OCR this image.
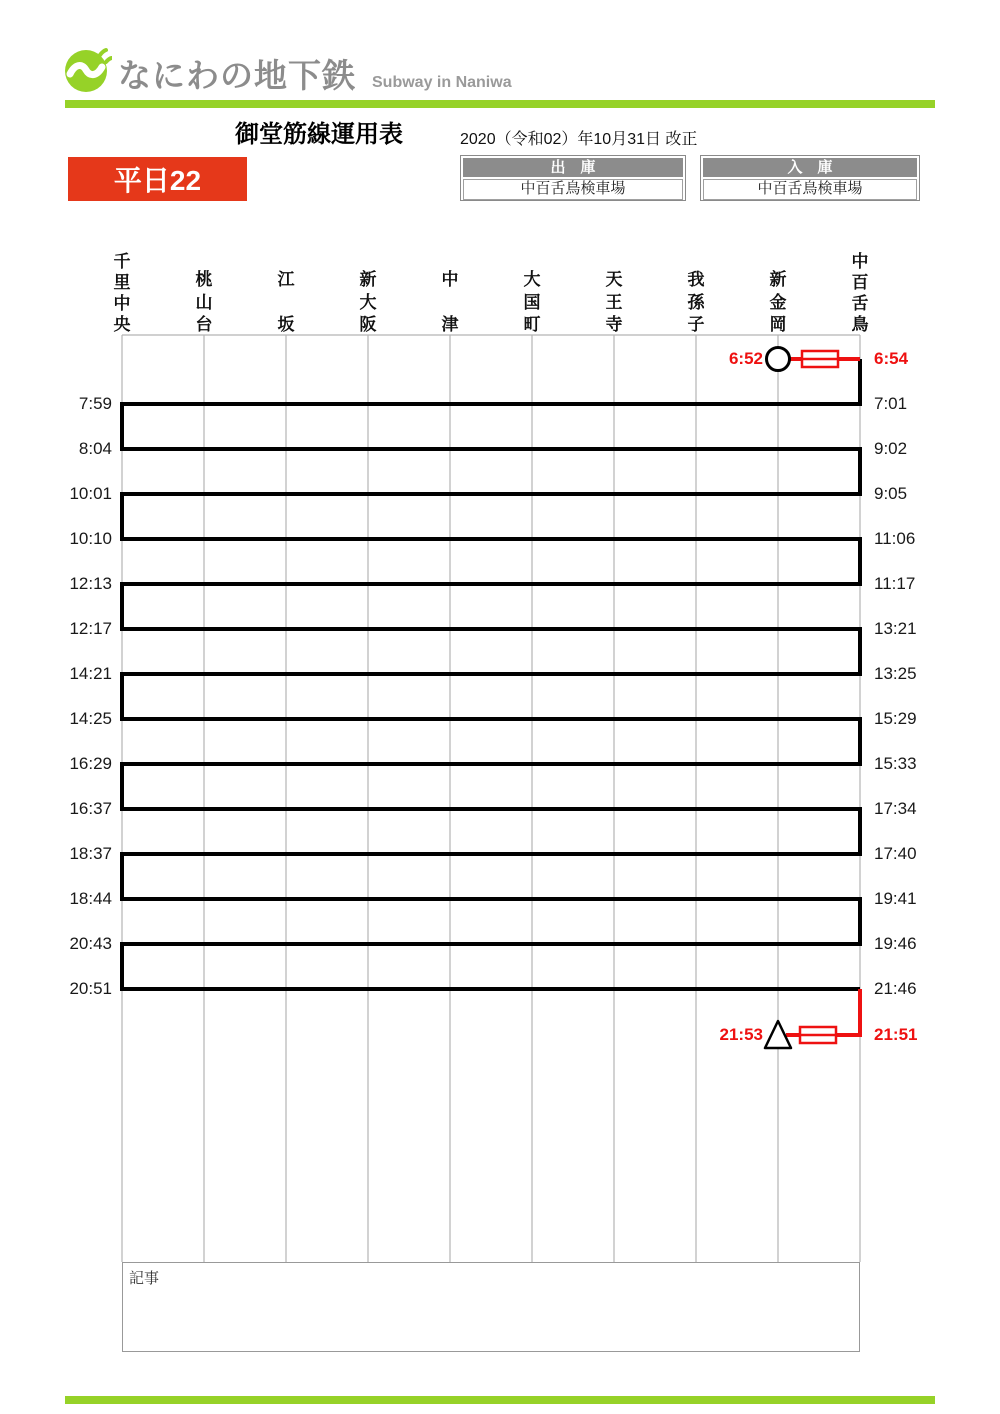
なにわの地下鉄 Subway in Naniwa
御堂筋線運用表	2020（令和02）年10月31日 改正
平日22	出　庫
中百舌鳥検車場
入　庫
中百舌鳥検車場
千
里
中
央
桃
山
台
江
坂
新
大
阪
中
津
大
国
町
天
王
寺
我
孫
子
新
金
岡
中
百
舌
鳥
7:59	7:01
8:04	9:02
10:01	9:05
10:10	11:06
12:13	11:17
12:17	13:21
14:21	13:25
14:25	15:29
16:29	15:33
16:37	17:34
18:37	17:40
18:44	19:41
20:43	19:46
20:51	21:46
6:52	6:54
21:53	21:51
記事
